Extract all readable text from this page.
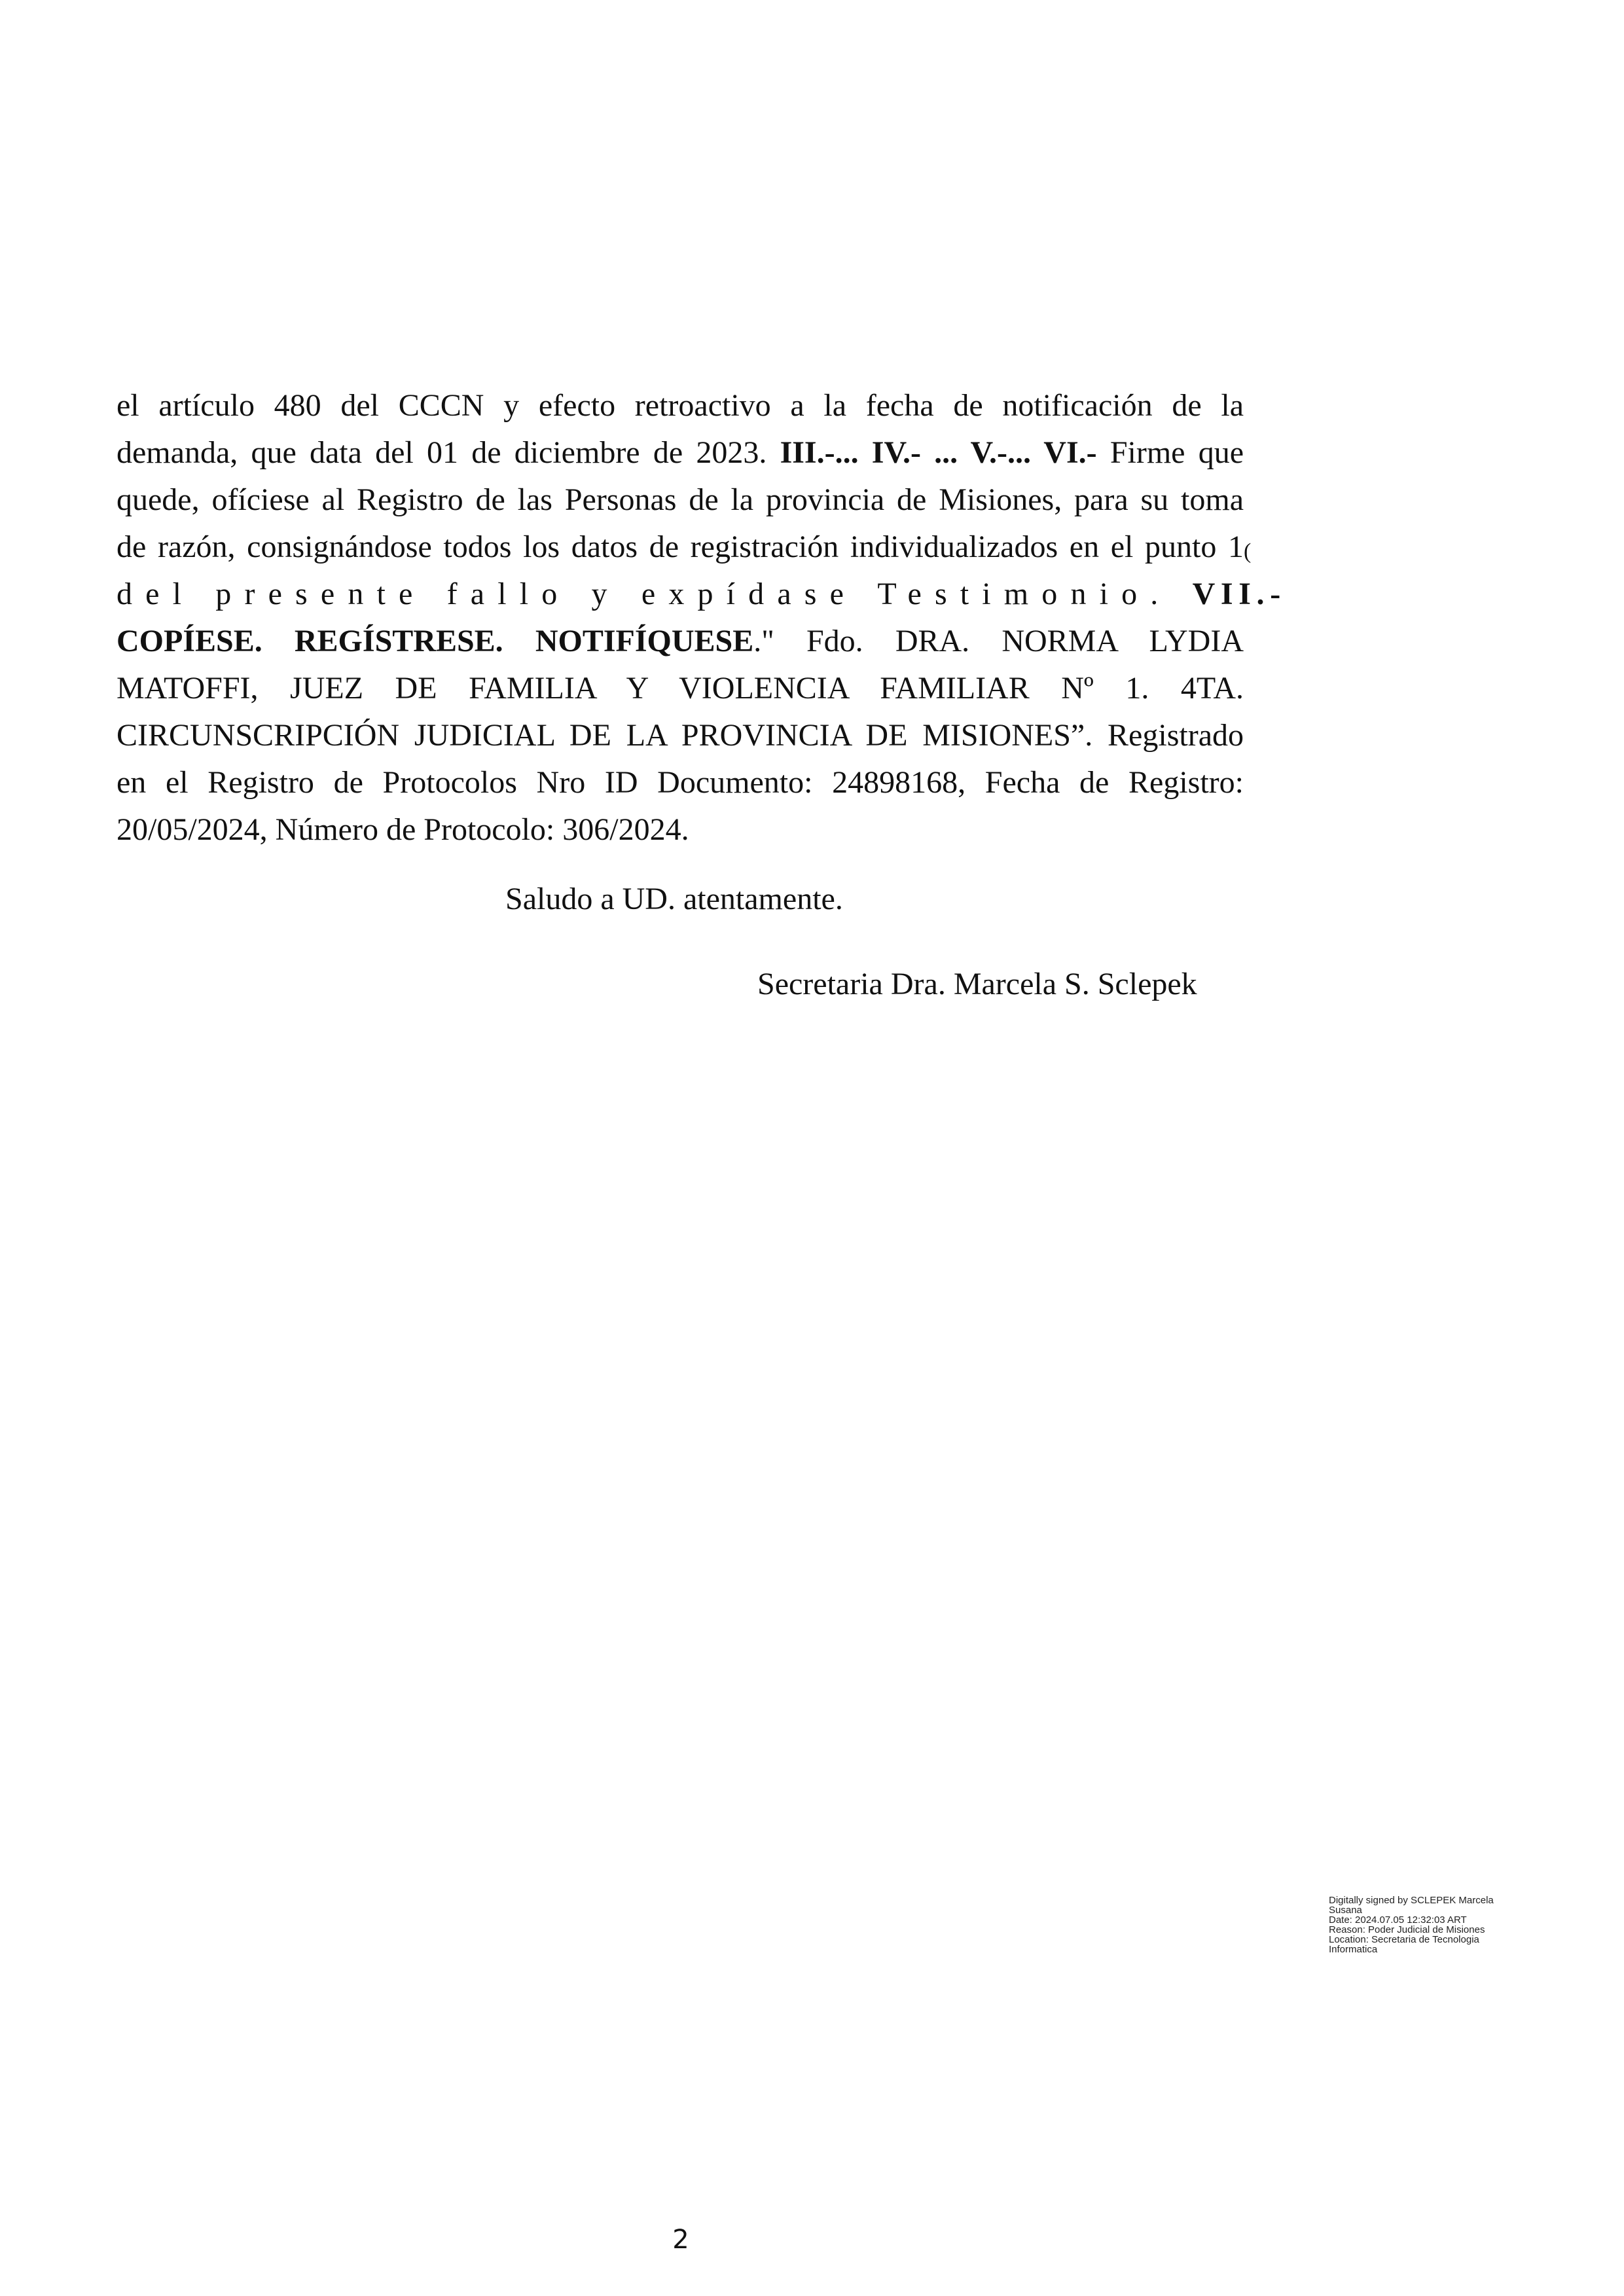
el artículo 480 del CCCN y efecto retroactivo a la fecha de notificación de la
demanda, que data del 01 de diciembre de 2023. III.-... IV.- ... V.-... VI.- Firme que
quede, ofíciese al Registro de las Personas de la provincia de Misiones, para su toma
de razón, consignándose todos los datos de registración individualizados en el punto 1 (
del presente fallo y expídase Testimonio. VII.-
COPÍESE. REGÍSTRESE. NOTIFÍQUESE." Fdo. DRA. NORMA LYDIA
MATOFFI, JUEZ DE FAMILIA Y VIOLENCIA FAMILIAR Nº 1. 4TA.
CIRCUNSCRIPCIÓN JUDICIAL DE LA PROVINCIA DE MISIONES”. Registrado
en el Registro de Protocolos Nro ID Documento: 24898168, Fecha de Registro:
20/05/2024, Número de Protocolo: 306/2024.
Saludo a UD. atentamente.
Secretaria Dra. Marcela S. Sclepek
Digitally signed by SCLEPEK Marcela
Susana
Date: 2024.07.05 12:32:03 ART
Reason: Poder Judicial de Misiones
Location: Secretaria de Tecnologia
Informatica
2
